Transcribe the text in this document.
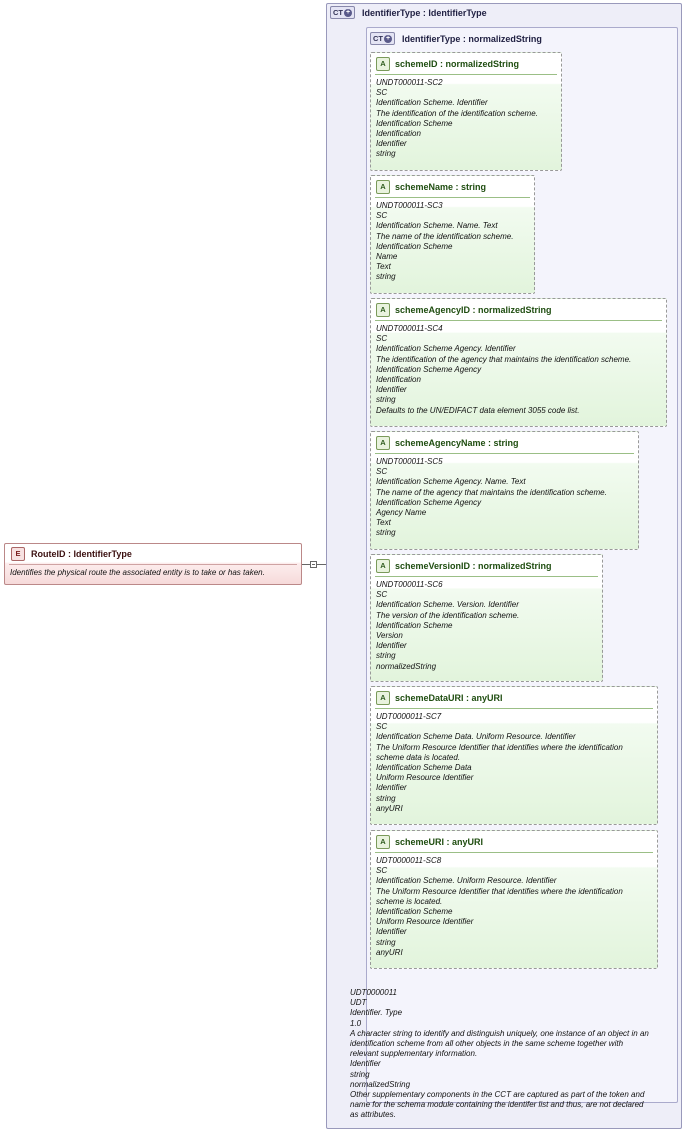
CT + IdentifierType : IdentifierType
CT + IdentifierType : normalizedString
E	RouteID : IdentifierType
Identifies the physical route the associated entity is to take or has taken.
A	schemeID : normalizedString
UNDT000011-SC2
SC
Identification Scheme. Identifier
The identification of the identification scheme.
Identification Scheme
Identification
Identifier
string
A	schemeName : string
UNDT000011-SC3
SC
Identification Scheme. Name. Text
The name of the identification scheme.
Identification Scheme
Name
Text
string
A	schemeAgencyID : normalizedString
UNDT000011-SC4
SC
Identification Scheme Agency. Identifier
The identification of the agency that maintains the identification scheme.
Identification Scheme Agency
Identification
Identifier
string
Defaults to the UN/EDIFACT data element 3055 code list.
A	schemeAgencyName : string
UNDT000011-SC5
SC
Identification Scheme Agency. Name. Text
The name of the agency that maintains the identification scheme.
Identification Scheme Agency
Agency Name
Text
string
A	schemeVersionID : normalizedString
UNDT000011-SC6
SC
Identification Scheme. Version. Identifier
The version of the identification scheme.
Identification Scheme
Version
Identifier
string
normalizedString
A	schemeDataURI : anyURI
UDT0000011-SC7
SC
Identification Scheme Data. Uniform Resource. Identifier
The Uniform Resource Identifier that identifies where the identification scheme data is located.
Identification Scheme Data
Uniform Resource Identifier
Identifier
string
anyURI
A	schemeURI : anyURI
UDT0000011-SC8
SC
Identification Scheme. Uniform Resource. Identifier
The Uniform Resource Identifier that identifies where the identification scheme is located.
Identification Scheme
Uniform Resource Identifier
Identifier
string
anyURI
UDT0000011
UDT
Identifier. Type
1.0
A character string to identify and distinguish uniquely, one instance of an object in an identification scheme from all other objects in the same scheme together with relevant supplementary information.
Identifier
string
normalizedString
Other supplementary components in the CCT are captured as part of the token and name for the schema module containing the identifer list and thus, are not declared as attributes.
